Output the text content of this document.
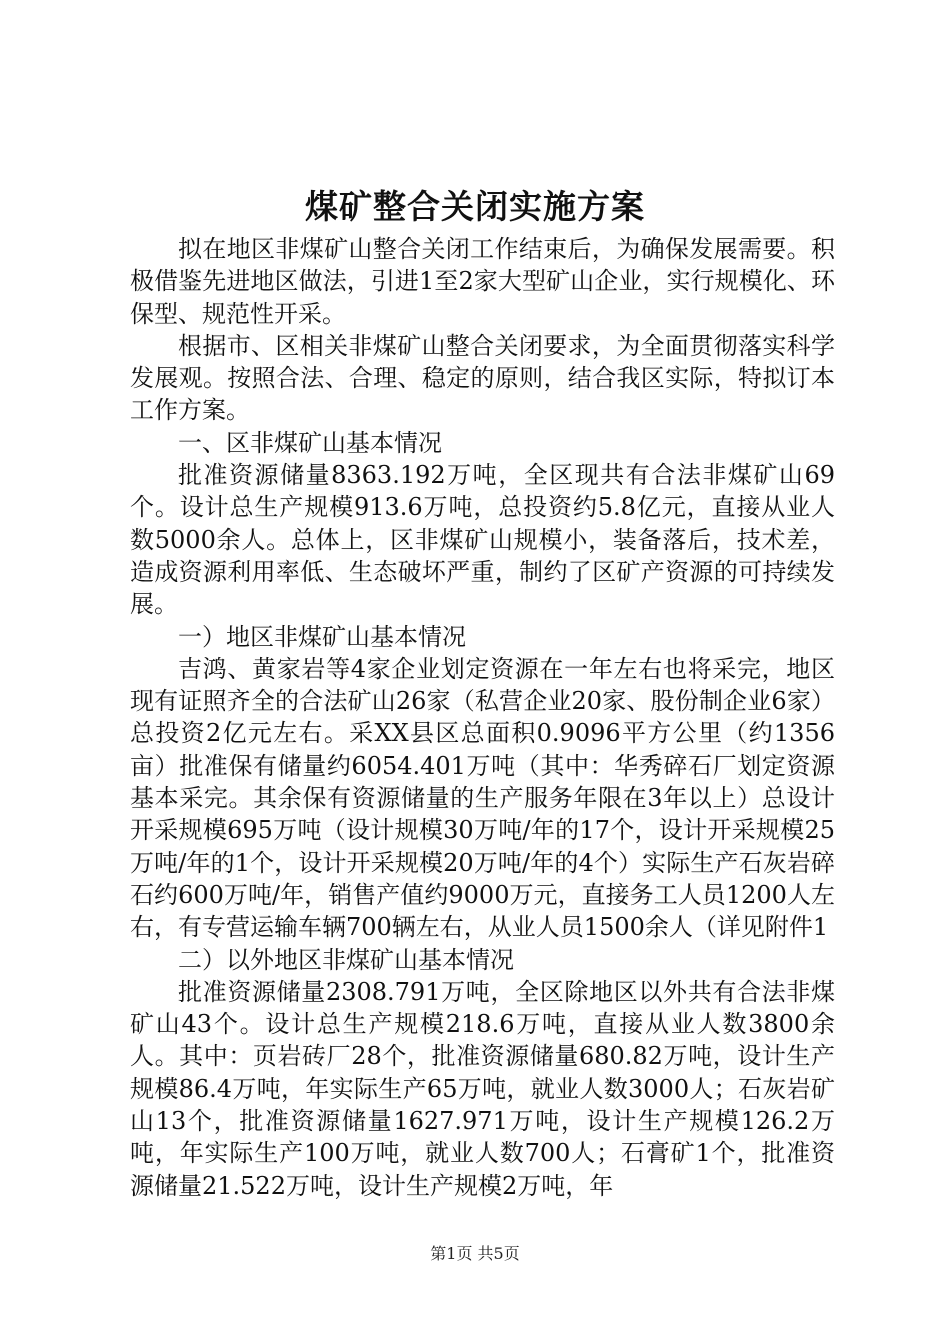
煤矿整合关闭实施方案

拟在地区非煤矿山整合关闭工作结束后，为确保发展需要。积极借鉴先进地区做法，引进1至2家大型矿山企业，实行规模化、环保型、规范性开采。

根据市、区相关非煤矿山整合关闭要求，为全面贯彻落实科学发展观。按照合法、合理、稳定的原则，结合我区实际，特拟订本工作方案。

一、区非煤矿山基本情况

批准资源储量8363.192万吨，全区现共有合法非煤矿山69个。设计总生产规模913.6万吨，总投资约5.8亿元，直接从业人数5000余人。总体上，区非煤矿山规模小，装备落后，技术差，造成资源利用率低、生态破坏严重，制约了区矿产资源的可持续发展。

一）地区非煤矿山基本情况

吉鸿、黄家岩等4家企业划定资源在一年左右也将采完，地区现有证照齐全的合法矿山26家（私营企业20家、股份制企业6家）总投资2亿元左右。采XX县区总面积0.9096平方公里（约1356亩）批准保有储量约6054.401万吨（其中：华秀碎石厂划定资源基本采完。其余保有资源储量的生产服务年限在3年以上）总设计开采规模695万吨（设计规模30万吨/年的17个，设计开采规模25万吨/年的1个，设计开采规模20万吨/年的4个）实际生产石灰岩碎石约600万吨/年，销售产值约9000万元，直接务工人员1200人左右，有专营运输车辆700辆左右，从业人员1500余人（详见附件1

二）以外地区非煤矿山基本情况

批准资源储量2308.791万吨，全区除地区以外共有合法非煤矿山43个。设计总生产规模218.6万吨，直接从业人数3800余人。其中：页岩砖厂28个，批准资源储量680.82万吨，设计生产规模86.4万吨，年实际生产65万吨，就业人数3000人；石灰岩矿山13个，批准资源储量1627.971万吨，设计生产规模126.2万吨，年实际生产100万吨，就业人数700人；石膏矿1个，批准资源储量21.522万吨，设计生产规模2万吨，年

第1页 共5页
